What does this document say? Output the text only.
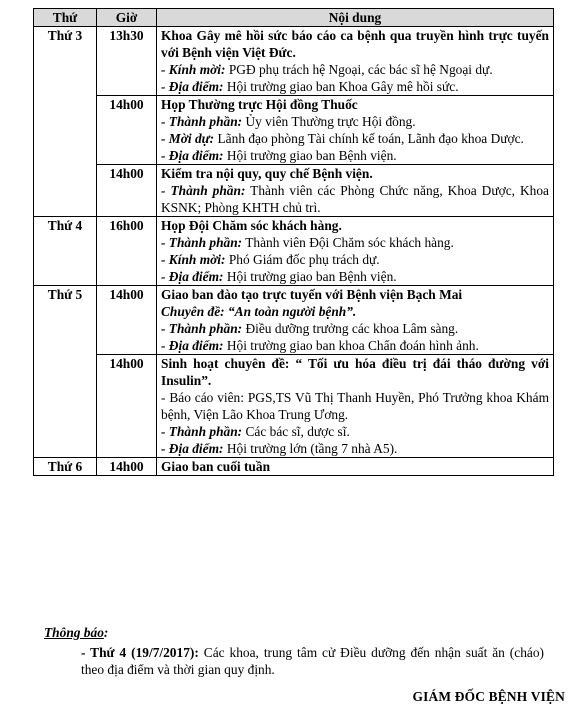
Thứ	Giờ	Nội dung
Thứ 3	13h30	Khoa Gây mê hồi sức báo cáo ca bệnh qua truyền hình trực tuyến với Bệnh viện Việt Đức.
- Kính mời: PGĐ phụ trách hệ Ngoại, các bác sĩ hệ Ngoại dự.
- Địa điểm: Hội trường giao ban Khoa Gây mê hồi sức.

	14h00	Họp Thường trực Hội đồng Thuốc
- Thành phần: Ủy viên Thường trực Hội đồng.
- Mời dự: Lãnh đạo phòng Tài chính kế toán, Lãnh đạo khoa Dược.
- Địa điểm: Hội trường giao ban Bệnh viện.

	14h00	Kiểm tra nội quy, quy chế Bệnh viện.
- Thành phần: Thành viên các Phòng Chức năng, Khoa Dược, Khoa KSNK; Phòng KHTH chủ trì.

Thứ 4	16h00	Họp Đội Chăm sóc khách hàng.
- Thành phần: Thành viên Đội Chăm sóc khách hàng.
- Kính mời: Phó Giám đốc phụ trách dự.
- Địa điểm: Hội trường giao ban Bệnh viện.

Thứ 5	14h00	Giao ban đào tạo trực tuyến với Bệnh viện Bạch Mai
Chuyên đề: “An toàn người bệnh”.
- Thành phần: Điều dưỡng trưởng các khoa Lâm sàng.
- Địa điểm: Hội trường giao ban khoa Chẩn đoán hình ảnh.

	14h00	Sinh hoạt chuyên đề: “ Tối ưu hóa điều trị đái tháo đường với Insulin”.
- Báo cáo viên: PGS,TS Vũ Thị Thanh Huyền, Phó Trưởng khoa Khám bệnh, Viện Lão Khoa Trung Ương.
- Thành phần: Các bác sĩ, dược sĩ.
- Địa điểm: Hội trường lớn (tầng 7 nhà A5).

Thứ 6	14h00	Giao ban cuối tuần
Thông báo:
- Thứ 4 (19/7/2017): Các khoa, trung tâm cử Điều dưỡng đến nhận suất ăn (cháo) theo địa điểm và thời gian quy định.
GIÁM ĐỐC BỆNH VIỆN
